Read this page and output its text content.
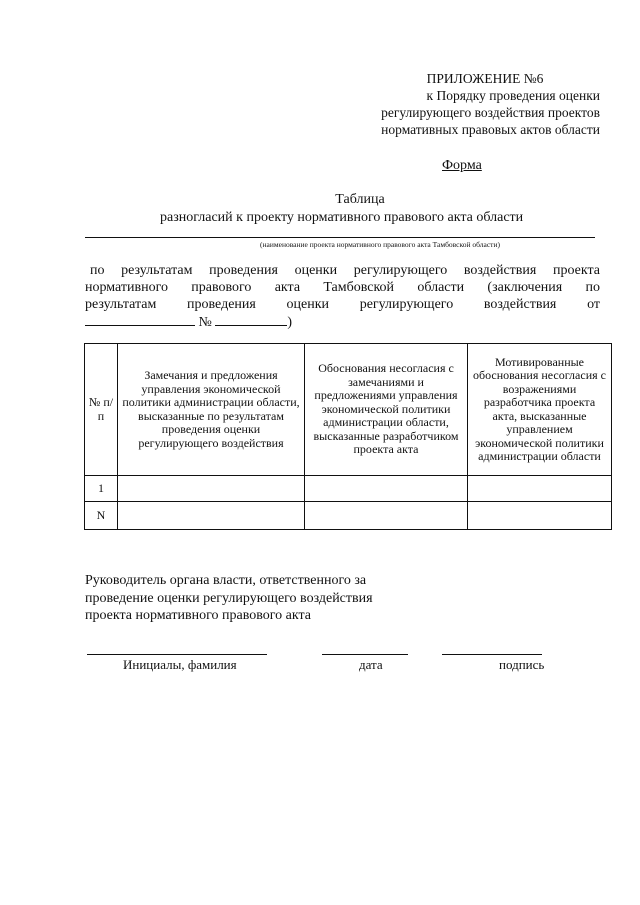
ПРИЛОЖЕНИЕ №6
к Порядку проведения оценки
регулирующего воздействия проектов
нормативных правовых актов области
Форма
Таблица
разногласий к проекту нормативного правового акта области
(наименование проекта нормативного правового акта Тамбовской области)
по результатам проведения оценки регулирующего воздействия проекта
нормативного правового акта Тамбовской области (заключения по
результатам проведения оценки регулирующего воздействия от
№	)
№ п/п	Замечания и предложения управления экономической политики администрации области, высказанные по результатам проведения оценки регулирующего воздействия	Обоснования несогласия с замечаниями и предложениями управления экономической политики администрации области, высказанные разработчиком проекта акта	Мотивированные обоснования несогласия с возражениями разработчика проекта акта, высказанные управлением экономической политики администрации области
1			
N			
Руководитель органа власти, ответственного за
проведение оценки регулирующего воздействия
проекта нормативного правового акта
Инициалы, фамилия	дата	подпись
